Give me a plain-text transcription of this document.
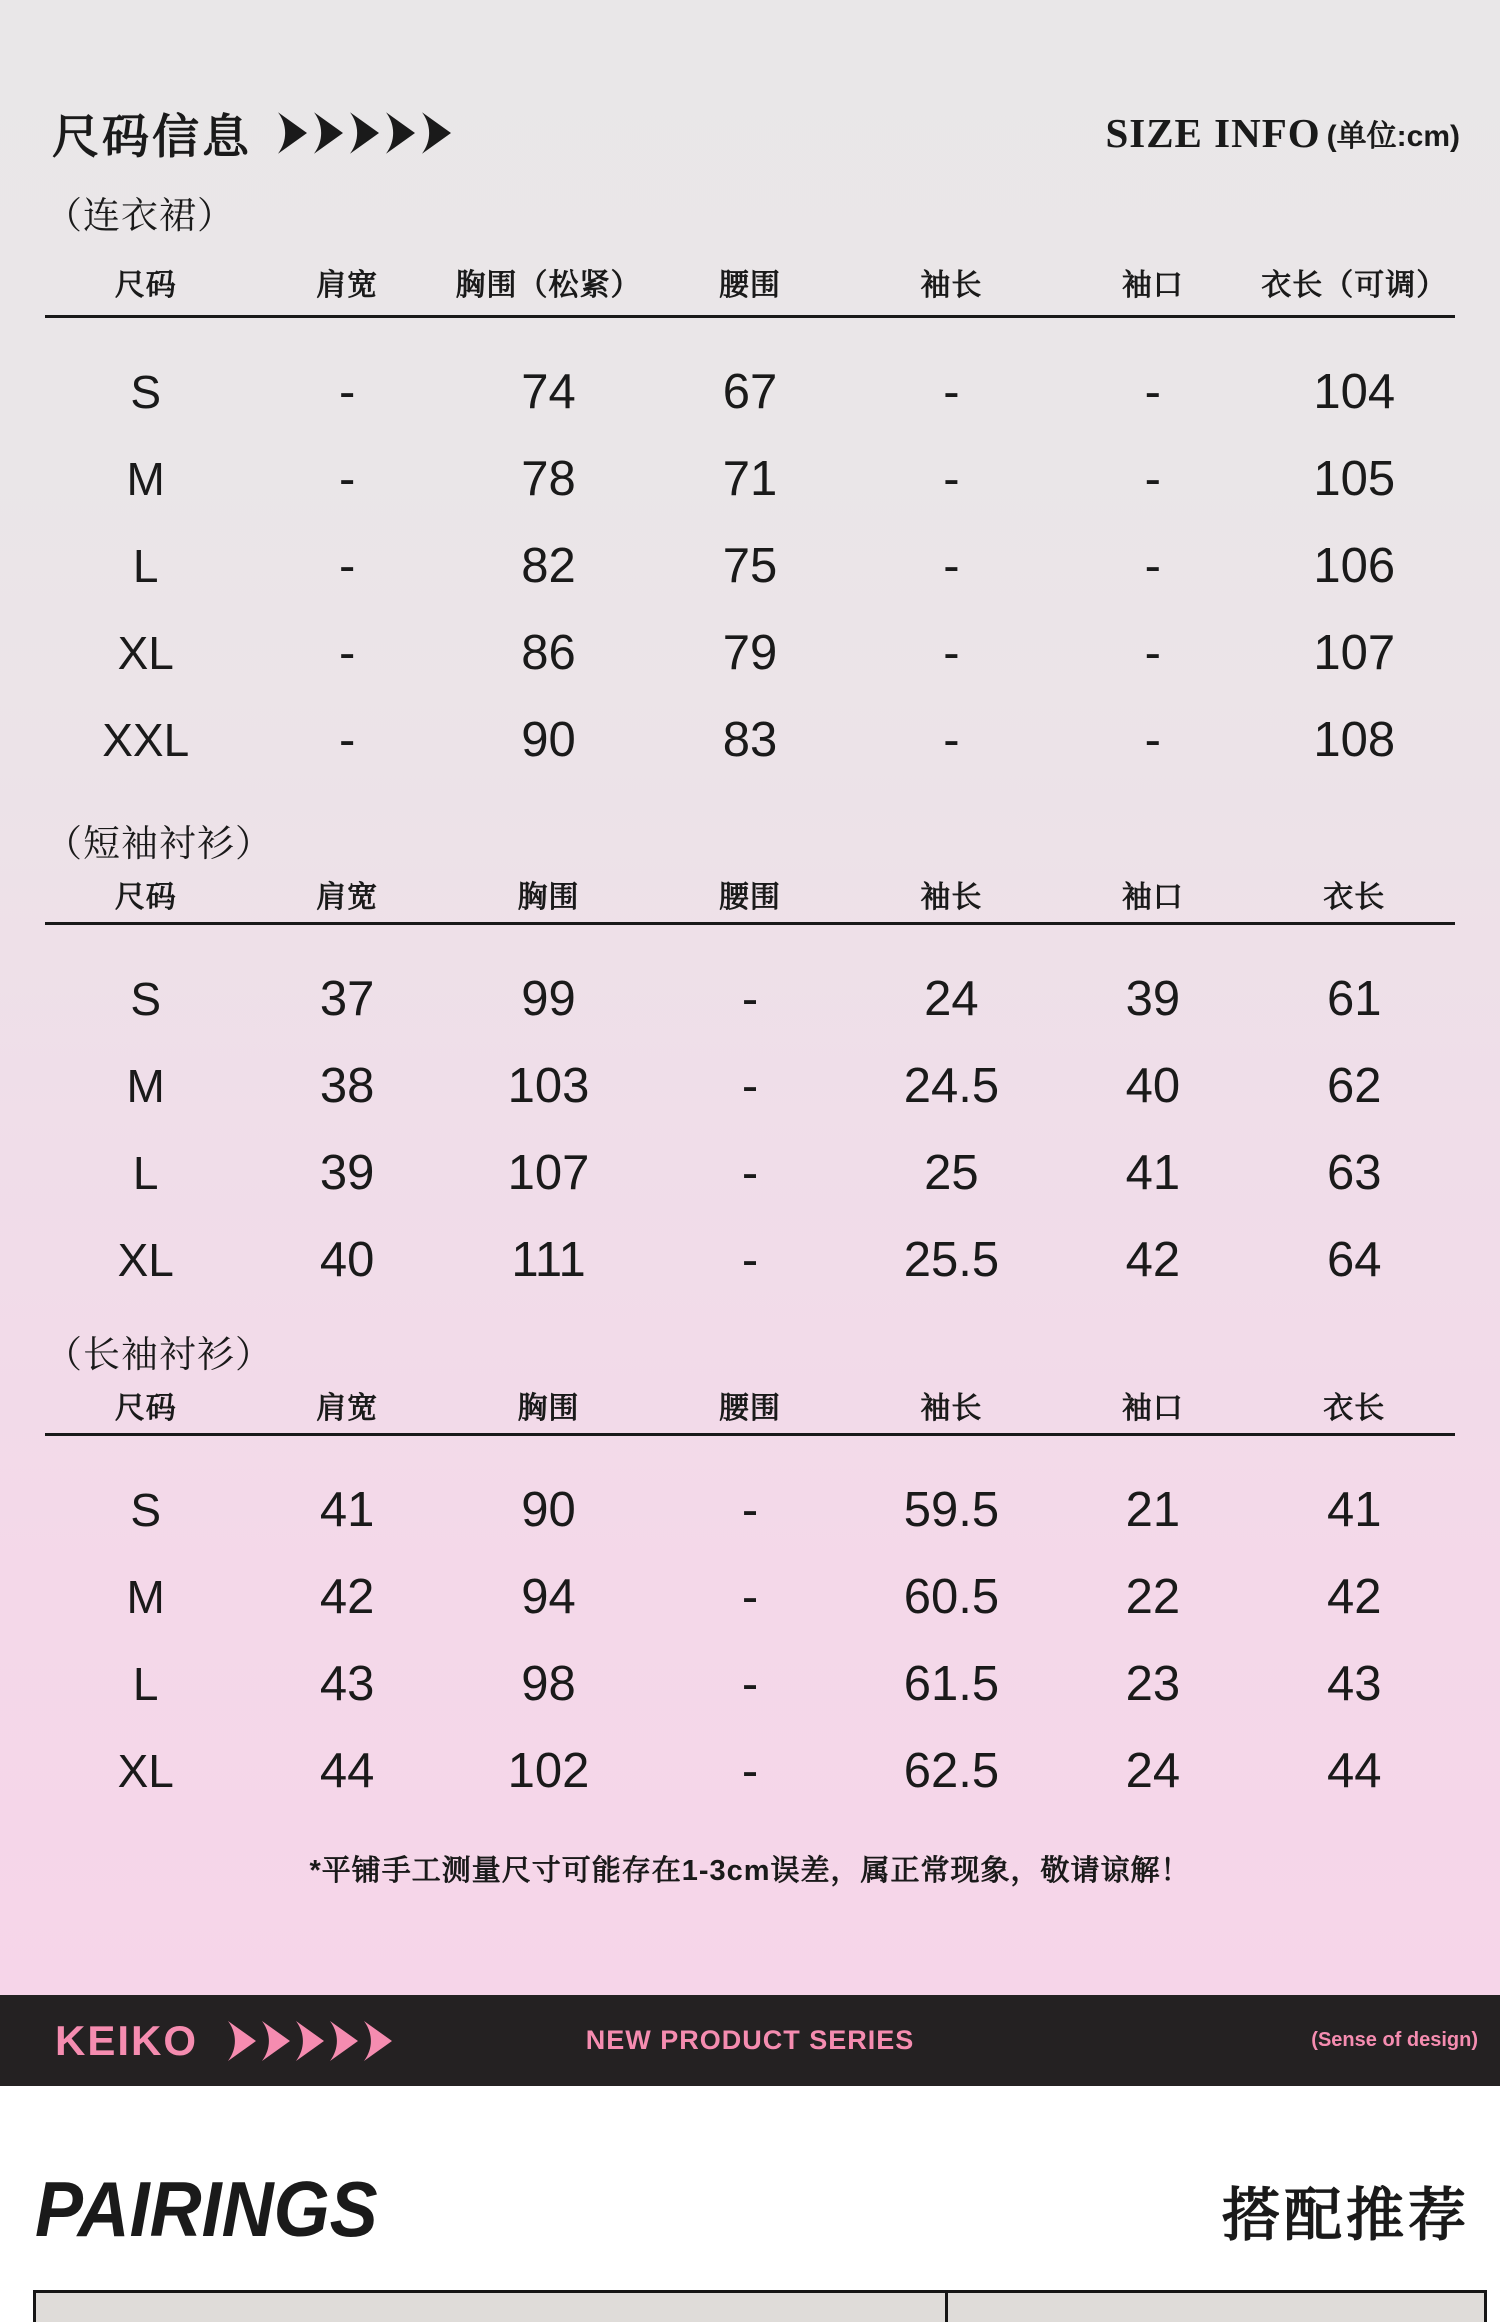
尺码信息	SIZE INFO (单位:cm)
（连衣裙）
尺码	肩宽	胸围（松紧）	腰围	袖长	袖口	衣长（可调）
S	-	74	67	-	-	104
M	-	78	71	-	-	105
L	-	82	75	-	-	106
XL	-	86	79	-	-	107
XXL	-	90	83	-	-	108
（短袖衬衫）
尺码	肩宽	胸围	腰围	袖长	袖口	衣长
S	37	99	-	24	39	61
M	38	103	-	24.5	40	62
L	39	107	-	25	41	63
XL	40	111	-	25.5	42	64
（长袖衬衫）
尺码	肩宽	胸围	腰围	袖长	袖口	衣长
S	41	90	-	59.5	21	41
M	42	94	-	60.5	22	42
L	43	98	-	61.5	23	43
XL	44	102	-	62.5	24	44
*平铺手工测量尺寸可能存在1-3cm误差，属正常现象，敬请谅解！
KEIKO	NEW PRODUCT SERIES	(Sense of design)
PAIRINGS	搭配推荐
